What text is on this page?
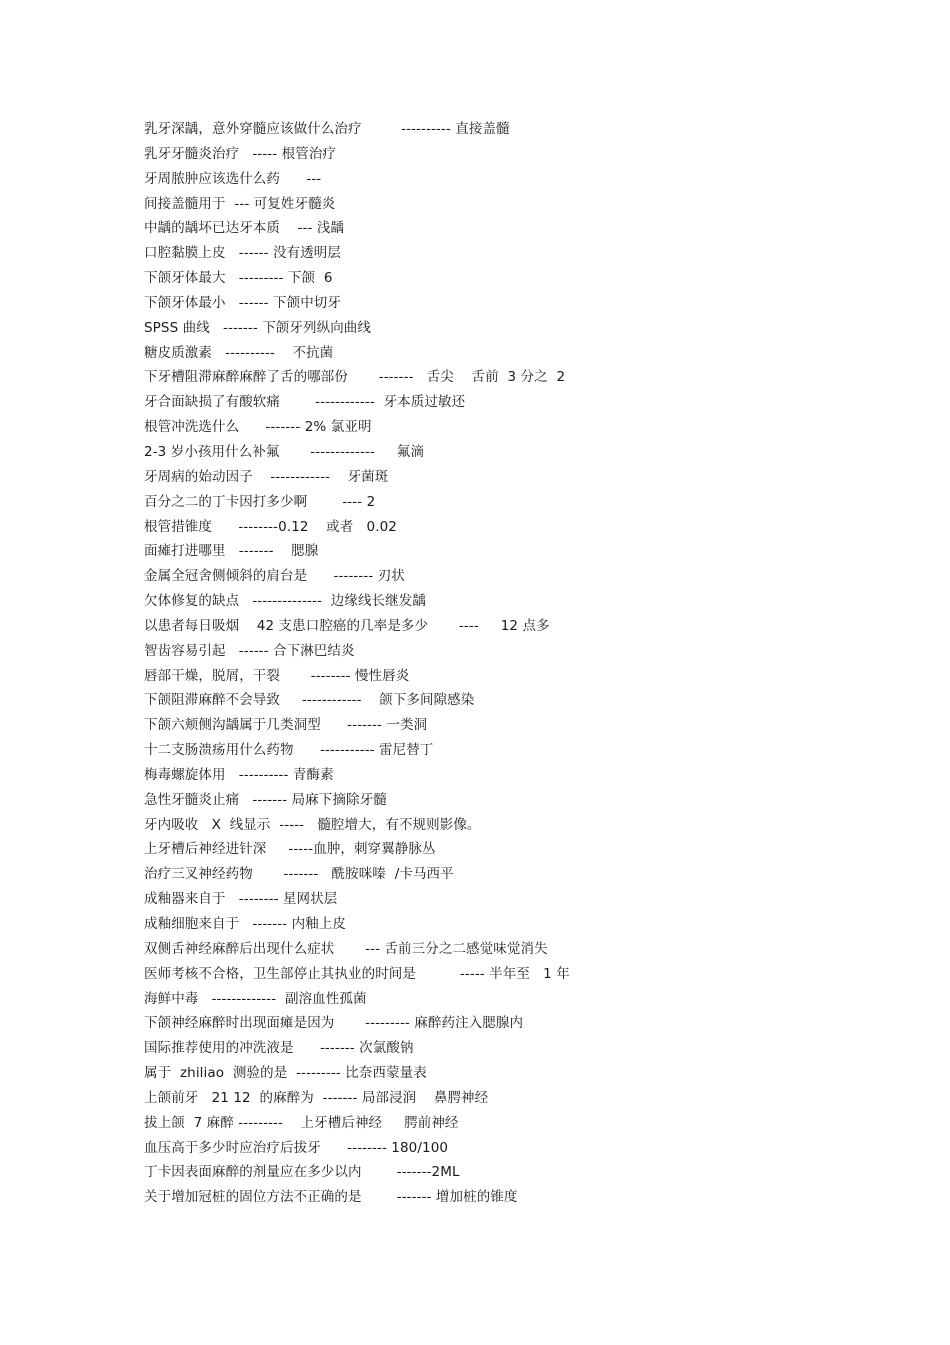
乳牙深龋，意外穿髓应该做什么治疗         ---------- 直接盖髓
乳牙牙髓炎治疗   ----- 根管治疗
牙周脓肿应该选什么药      ---
间接盖髓用于  --- 可复姓牙髓炎
中龋的龋坏已达牙本质    --- 浅龋
口腔黏膜上皮   ------ 没有透明层
下颌牙体最大   --------- 下颌  6
下颌牙体最小   ------ 下颌中切牙
SPSS 曲线   ------- 下颌牙列纵向曲线
糖皮质激素   ----------    不抗菌
下牙槽阻滞麻醉麻醉了舌的哪部份       -------   舌尖    舌前  3 分之  2
牙合面缺损了有酸软痛        ------------  牙本质过敏还
根管冲洗选什么      ------- 2% 氯亚明
2-3 岁小孩用什么补氟       -------------     氟滴
牙周病的始动因子    ------------    牙菌斑
百分之二的丁卡因打多少啊        ---- 2
根管措锥度      --------0.12    或者   0.02
面瘫打进哪里   -------    腮腺
金属全冠舍侧倾斜的肩台是      -------- 刃状
欠体修复的缺点   --------------  边缘线长继发龋
以患者每日吸烟    42 支患口腔癌的几率是多少       ----     12 点多
智齿容易引起   ------ 合下淋巴结炎
唇部干燥，脱屑，干裂       -------- 慢性唇炎
下颌阻滞麻醉不会导致     ------------    颌下多间隙感染
下颌六颊侧沟龋属于几类洞型      ------- 一类洞
十二支肠溃疡用什么药物      ----------- 雷尼替丁
梅毒螺旋体用   ---------- 青酶素
急性牙髓炎止痛   ------- 局麻下摘除牙髓
牙内吸收   X  线显示  -----   髓腔增大，有不规则影像。
上牙槽后神经进针深     -----血肿，刺穿翼静脉丛
治疗三叉神经药物       -------   酰胺咪嗪  /卡马西平
成釉器来自于   -------- 星网状层
成釉细胞来自于   ------- 内釉上皮
双侧舌神经麻醉后出现什么症状       --- 舌前三分之二感觉味觉消失
医师考核不合格，卫生部停止其执业的时间是          ----- 半年至   1 年
海鲜中毒   -------------  副溶血性孤菌
下颌神经麻醉时出现面瘫是因为       --------- 麻醉药注入腮腺内
国际推荐使用的冲洗液是      ------- 次氯酸钠
属于  zhiliao  测验的是  --------- 比奈西蒙量表
上颌前牙   21 12  的麻醉为  ------- 局部浸润    鼻腭神经
拔上颌  7 麻醉 ---------    上牙槽后神经     腭前神经
血压高于多少时应治疗后拔牙      -------- 180/100
丁卡因表面麻醉的剂量应在多少以内        -------2ML
关于增加冠桩的固位方法不正确的是        ------- 增加桩的锥度
